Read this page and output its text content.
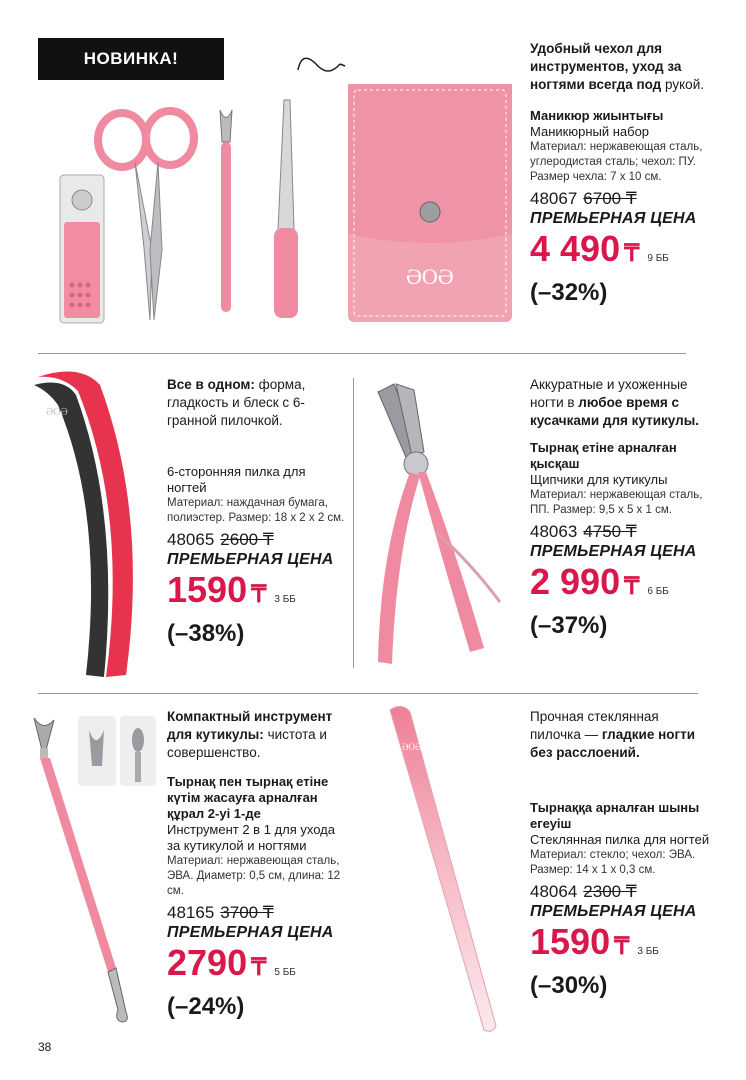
НОВИНКА!
ƏOƏ
Удобный чехол для инструментов, уход за ногтями всегда под рукой.
Маникюр жиынтығы
Маникюрный набор
Материал: нержавеющая сталь, углеродистая сталь; чехол: ПУ. Размер чехла: 7 х 10 см.
48067 6700 ₸
ПРЕМЬЕРНАЯ ЦЕНА
4 490 ₸ 9 ББ
(–32%)
ƏOƏ
Все в одном: форма, гладкость и блеск с 6-гранной пилочкой.
6-сторонняя пилка для ногтей
Материал: наждачная бумага, полиэстер. Размер: 18 х 2 х 2 см.
48065 2600 ₸
ПРЕМЬЕРНАЯ ЦЕНА
1590 ₸ 3 ББ
(–38%)
Аккуратные и ухоженные ногти в любое время с кусачками для кутикулы.
Тырнақ етіне арналған қысқаш
Щипчики для кутикулы
Материал: нержавеющая сталь, ПП. Размер: 9,5 х 5 х 1 см.
48063 4750 ₸
ПРЕМЬЕРНАЯ ЦЕНА
2 990 ₸ 6 ББ
(–37%)
Компактный инструмент для кутикулы: чистота и совершенство.
Тырнақ пен тырнақ етіне күтім жасауға арналған құрал 2-уі 1-де
Инструмент 2 в 1 для ухода за кутикулой и ногтями
Материал: нержавеющая сталь, ЭВА. Диаметр: 0,5 см, длина: 12 см.
48165 3700 ₸
ПРЕМЬЕРНАЯ ЦЕНА
2790 ₸ 5 ББ
(–24%)
ƏOƏ
Прочная стеклянная пилочка — гладкие ногти без расслоений.
Тырнаққа арналған шыны егеуіш
Стеклянная пилка для ногтей
Материал: стекло; чехол: ЭВА. Размер: 14 х 1 х 0,3 см.
48064 2300 ₸
ПРЕМЬЕРНАЯ ЦЕНА
1590 ₸ 3 ББ
(–30%)
38
